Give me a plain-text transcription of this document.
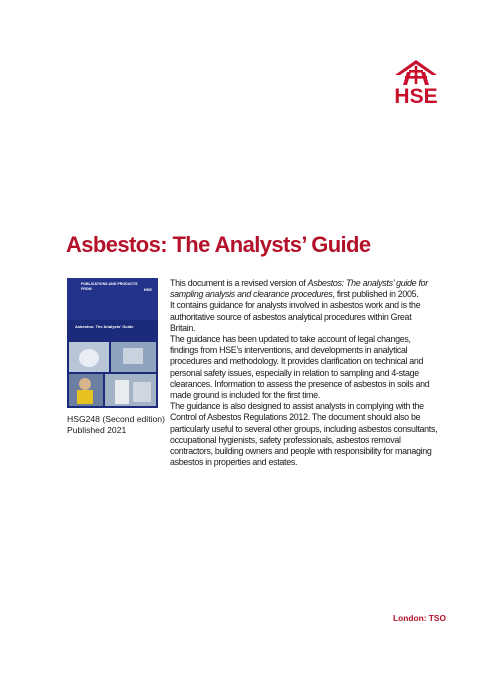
HSE
Asbestos: The Analysts’ Guide
PUBLICATIONS AND PRODUCTS FROM	HSE
Asbestos: The Analysts’ Guide
HSG248 (Second edition)
Published 2021

This document is a revised version of Asbestos: The analysts’ guide for sampling analysis and clearance procedures, first published in 2005.
It contains guidance for analysts involved in asbestos work and is the authoritative source of asbestos analytical procedures within Great Britain.
The guidance has been updated to take account of legal changes, findings from HSE’s interventions, and developments in analytical procedures and methodology. It provides clarification on technical and personal safety issues, especially in relation to sampling and 4-stage clearances. Information to assess the presence of asbestos in soils and made ground is included for the first time.
The guidance is also designed to assist analysts in complying with the Control of Asbestos Regulations 2012. The document should also be particularly useful to several other groups, including asbestos consultants, occupational hygienists, safety professionals, asbestos removal contractors, building owners and people with responsibility for managing asbestos in properties and estates.

London: TSO
